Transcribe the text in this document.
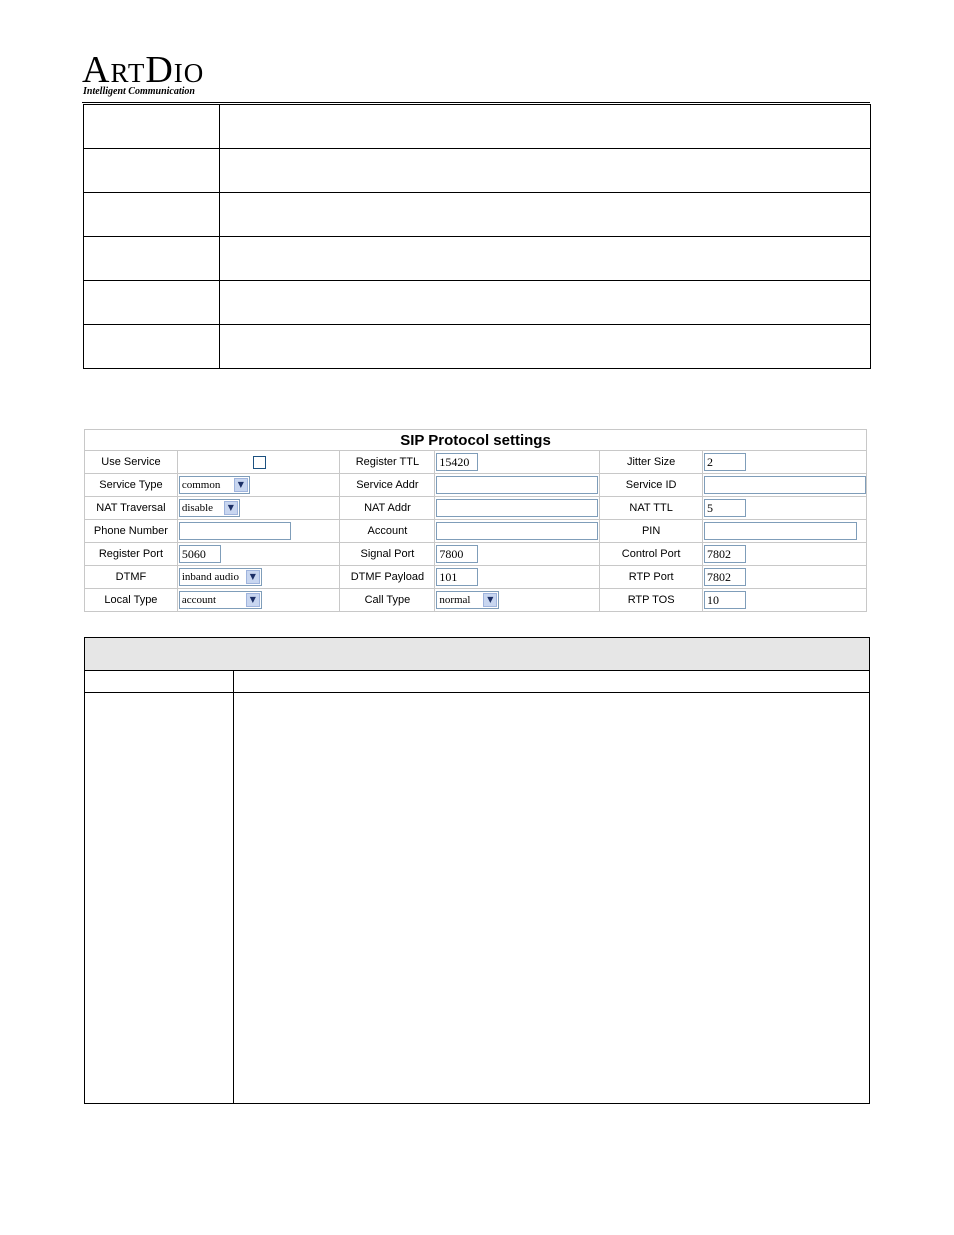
ARTDIO
Intelligent Communication

SIP Protocol settings					
Use Service		Register TTL	15420	Jitter Size	2
Service Type	common ▼	Service Addr		Service ID	
NAT Traversal	disable ▼	NAT Addr		NAT TTL	5
Phone Number		Account		PIN	
Register Port	5060	Signal Port	7800	Control Port	7802
DTMF	inband audio ▼	DTMF Payload	101	RTP Port	7802
Local Type	account ▼	Call Type	normal ▼	RTP TOS	10
